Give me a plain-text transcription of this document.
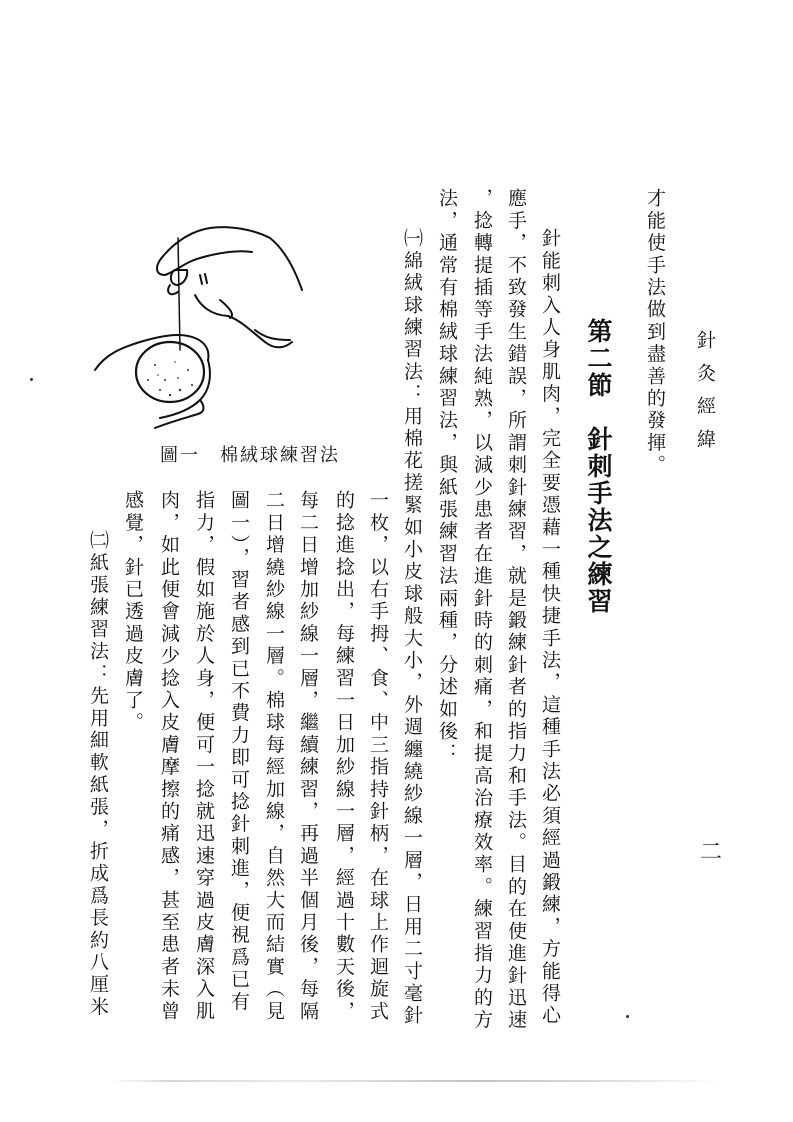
針灸經緯
才能使手法做到盡善的發揮。
第二節　針刺手法之練習
針能刺入人身肌肉，完全要憑藉一種快捷手法，這種手法必須經過鍛練，方能得心
應手，不致發生錯誤，所謂刺針練習，就是鍛練針者的指力和手法。目的在使進針迅速
，捻轉提插等手法純熟，以減少患者在進針時的刺痛，和提高治療效率。練習指力的方
法，通常有棉絨球練習法，與紙張練習法兩種，分述如後：
㈠綿絨球練習法：用棉花搓緊如小皮球般大小，外週纏繞紗線一層，日用二寸毫針
一枚，以右手拇、食、中三指持針柄，在球上作迴旋式
的捻進捻出，每練習一日加紗線一層，經過十數天後，
每二日增加紗線一層，繼續練習，再過半個月後，每隔
二日增繞紗線一層。棉球每經加線，自然大而結實（見
圖一），習者感到已不費力即可捻針刺進，便視爲已有
指力，假如施於人身，便可一捻就迅速穿過皮膚深入肌
肉，如此便會減少捻入皮膚摩擦的痛感，甚至患者未曾
感覺，針已透過皮膚了。
㈡紙張練習法：先用細軟紙張，折成爲長約八厘米
圖一　棉絨球練習法
二
